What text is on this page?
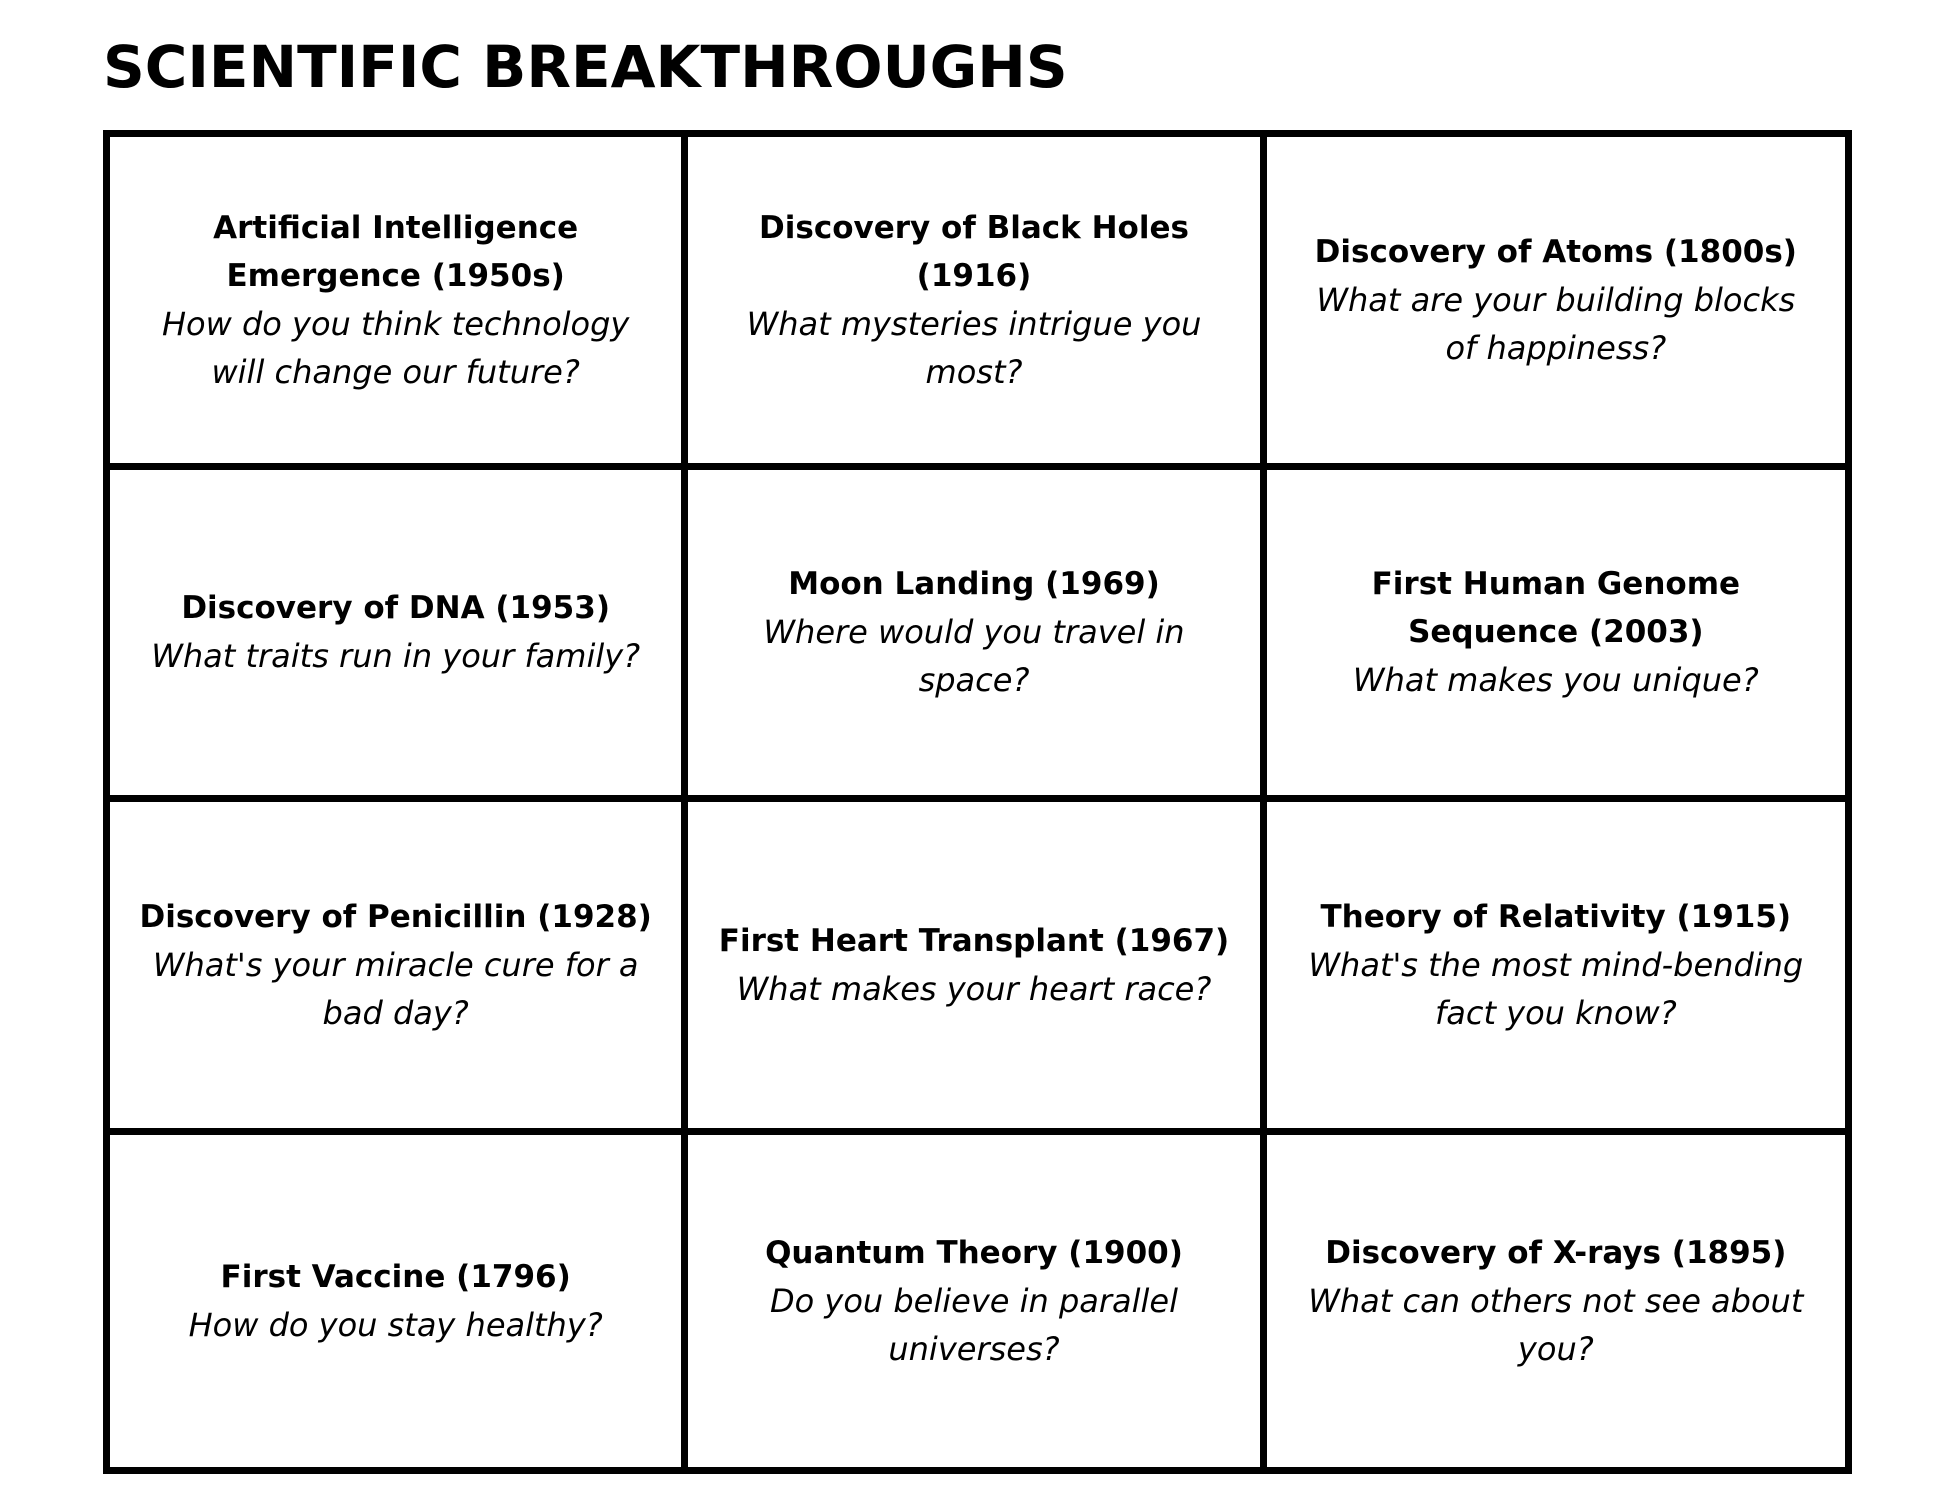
SCIENTIFIC BREAKTHROUGHS
Artificial Intelligence Emergence (1950s)
How do you think technology will change our future?
Discovery of Black Holes (1916)
What mysteries intrigue you most?
Discovery of Atoms (1800s)
What are your building blocks of happiness?
Discovery of DNA (1953)
What traits run in your family?
Moon Landing (1969)
Where would you travel in space?
First Human Genome Sequence (2003)
What makes you unique?
Discovery of Penicillin (1928)
What's your miracle cure for a bad day?
First Heart Transplant (1967)
What makes your heart race?
Theory of Relativity (1915)
What's the most mind-bending fact you know?
First Vaccine (1796)
How do you stay healthy?
Quantum Theory (1900)
Do you believe in parallel universes?
Discovery of X-rays (1895)
What can others not see about you?
